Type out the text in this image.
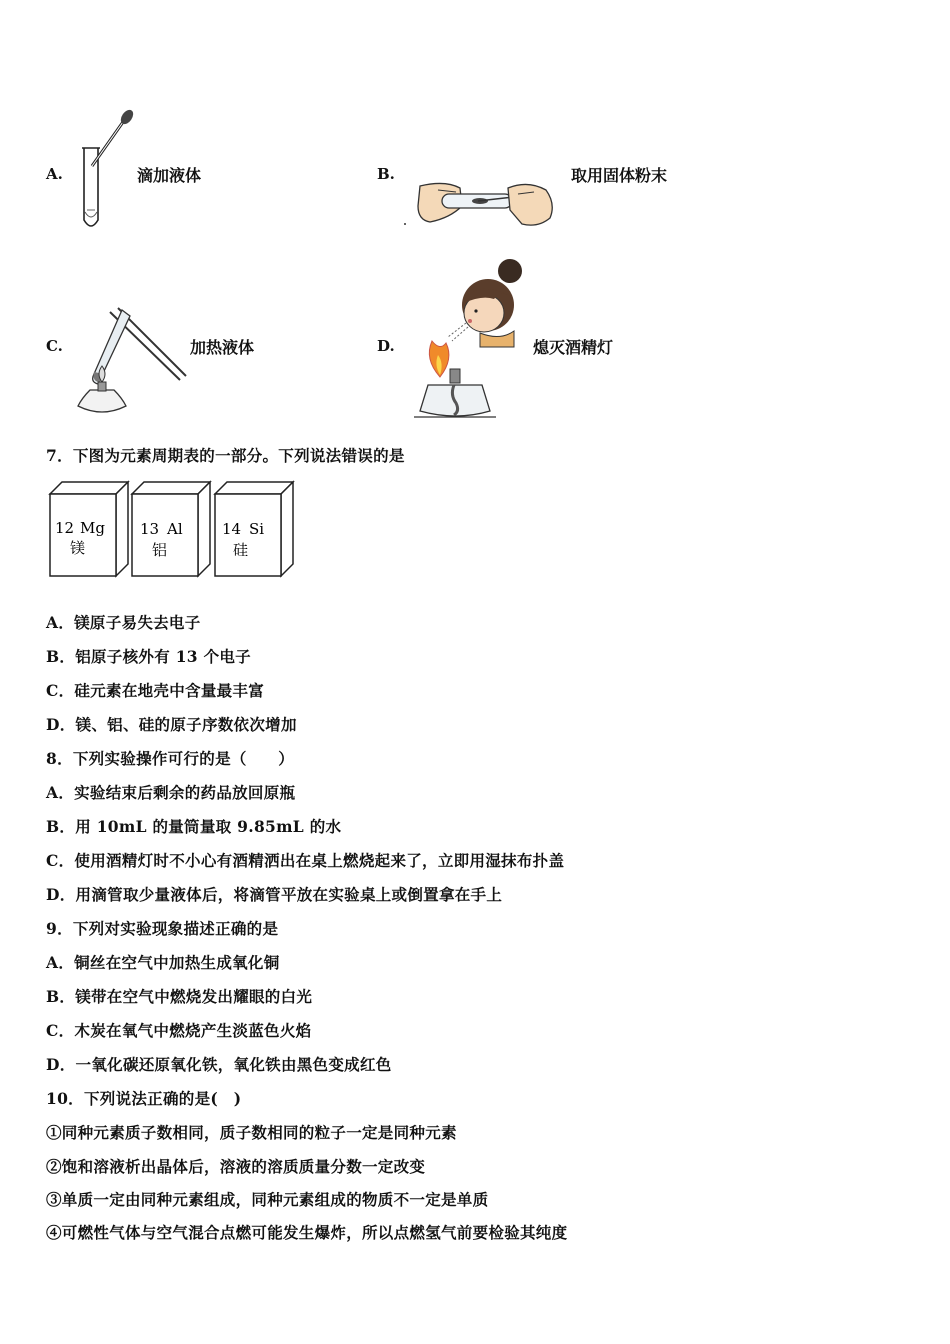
A.	滴加液体	B.	取用固体粉末
C.	加热液体	D.	熄灭酒精灯
7．下图为元素周期表的一部分。下列说法错误的是
12 Mg
镁
13 Al
铝
14 Si
硅
A．镁原子易失去电子
B．铝原子核外有 13 个电子
C．硅元素在地壳中含量最丰富
D．镁、铝、硅的原子序数依次增加
8．下列实验操作可行的是（　　）
A．实验结束后剩余的药品放回原瓶
B．用 10mL 的量筒量取 9.85mL 的水
C．使用酒精灯时不小心有酒精洒出在桌上燃烧起来了，立即用湿抹布扑盖
D．用滴管取少量液体后，将滴管平放在实验桌上或倒置拿在手上
9．下列对实验现象描述正确的是
A．铜丝在空气中加热生成氧化铜
B．镁带在空气中燃烧发出耀眼的白光
C．木炭在氧气中燃烧产生淡蓝色火焰
D．一氧化碳还原氧化铁，氧化铁由黑色变成红色
10．下列说法正确的是(　)
①同种元素质子数相同，质子数相同的粒子一定是同种元素
②饱和溶液析出晶体后，溶液的溶质质量分数一定改变
③单质一定由同种元素组成，同种元素组成的物质不一定是单质
④可燃性气体与空气混合点燃可能发生爆炸，所以点燃氢气前要检验其纯度
